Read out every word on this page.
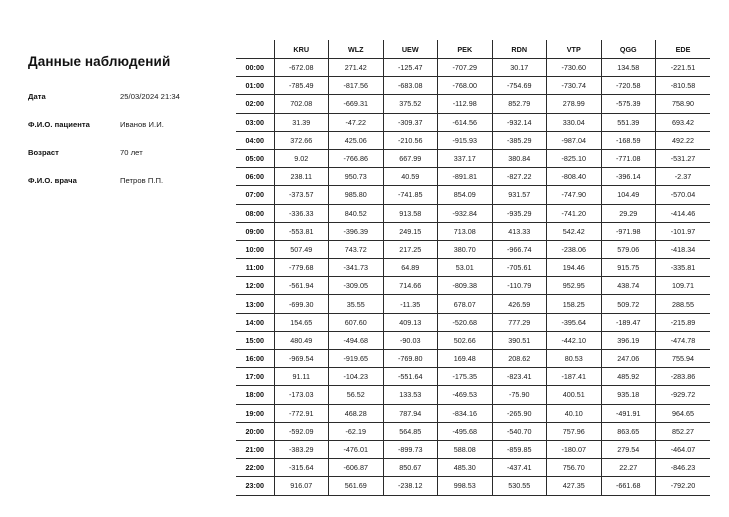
Данные наблюдений
Дата	25/03/2024 21:34
Ф.И.О. пациента	Иванов И.И.
Возраст	70 лет
Ф.И.О. врача	Петров П.П.
	KRU	WLZ	UEW	PEK	RDN	VTP	QGG	EDE
00:00	-672.08	271.42	-125.47	-707.29	30.17	-730.60	134.58	-221.51
01:00	-785.49	-817.56	-683.08	-768.00	-754.69	-730.74	-720.58	-810.58
02:00	702.08	-669.31	375.52	-112.98	852.79	278.99	-575.39	758.90
03:00	31.39	-47.22	-309.37	-614.56	-932.14	330.04	551.39	693.42
04:00	372.66	425.06	-210.56	-915.93	-385.29	-987.04	-168.59	492.22
05:00	9.02	-766.86	667.99	337.17	380.84	-825.10	-771.08	-531.27
06:00	238.11	950.73	40.59	-891.81	-827.22	-808.40	-396.14	-2.37
07:00	-373.57	985.80	-741.85	854.09	931.57	-747.90	104.49	-570.04
08:00	-336.33	840.52	913.58	-932.84	-935.29	-741.20	29.29	-414.46
09:00	-553.81	-396.39	249.15	713.08	413.33	542.42	-971.98	-101.97
10:00	507.49	743.72	217.25	380.70	-966.74	-238.06	579.06	-418.34
11:00	-779.68	-341.73	64.89	53.01	-705.61	194.46	915.75	-335.81
12:00	-561.94	-309.05	714.66	-809.38	-110.79	952.95	438.74	109.71
13:00	-699.30	35.55	-11.35	678.07	426.59	158.25	509.72	288.55
14:00	154.65	607.60	409.13	-520.68	777.29	-395.64	-189.47	-215.89
15:00	480.49	-494.68	-90.03	502.66	390.51	-442.10	396.19	-474.78
16:00	-969.54	-919.65	-769.80	169.48	208.62	80.53	247.06	755.94
17:00	91.11	-104.23	-551.64	-175.35	-823.41	-187.41	485.92	-283.86
18:00	-173.03	56.52	133.53	-469.53	-75.90	400.51	935.18	-929.72
19:00	-772.91	468.28	787.94	-834.16	-265.90	40.10	-491.91	964.65
20:00	-592.09	-62.19	564.85	-495.68	-540.70	757.96	863.65	852.27
21:00	-383.29	-476.01	-899.73	588.08	-859.85	-180.07	279.54	-464.07
22:00	-315.64	-606.87	850.67	485.30	-437.41	756.70	22.27	-846.23
23:00	916.07	561.69	-238.12	998.53	530.55	427.35	-661.68	-792.20
